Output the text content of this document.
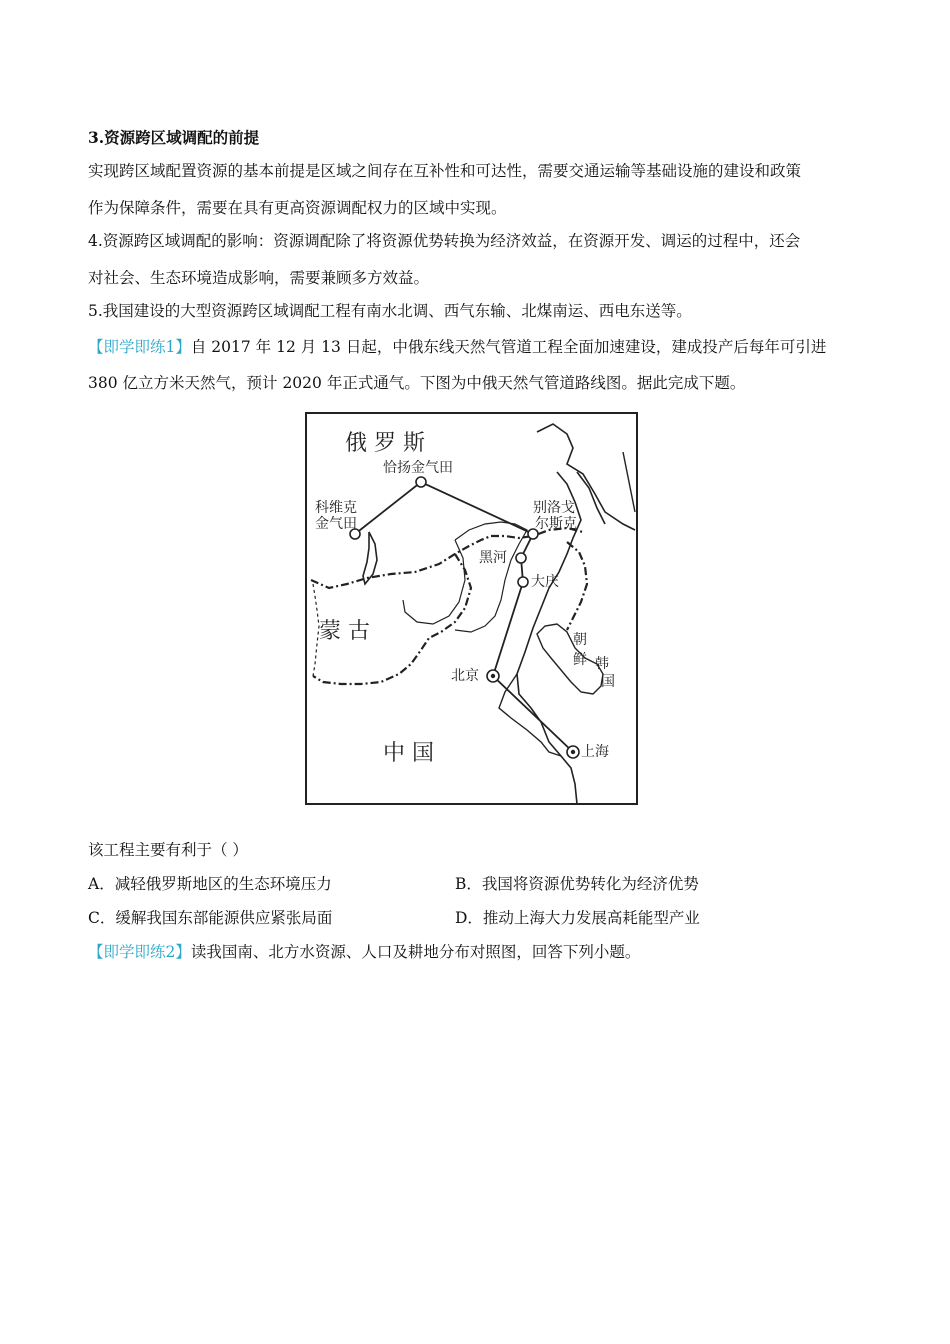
3.资源跨区域调配的前提
实现跨区域配置资源的基本前提是区域之间存在互补性和可达性，需要交通运输等基础设施的建设和政策
作为保障条件，需要在具有更高资源调配权力的区域中实现。
4.资源跨区域调配的影响：资源调配除了将资源优势转换为经济效益，在资源开发、调运的过程中，还会
对社会、生态环境造成影响，需要兼顾多方效益。
5.我国建设的大型资源跨区域调配工程有南水北调、西气东输、北煤南运、西电东送等。
【即学即练1】自 2017 年 12 月 13 日起，中俄东线天然气管道工程全面加速建设，建成投产后每年可引进
380 亿立方米天然气，预计 2020 年正式通气。下图为中俄天然气管道路线图。据此完成下题。
俄 罗 斯
恰扬金气田
科维克
金气田
别洛戈
尔斯克
黑河
大庆
蒙 古
北京
上海
中 国
朝
鲜 韩
国
该工程主要有利于（ ）
A．减轻俄罗斯地区的生态环境压力	B．我国将资源优势转化为经济优势
C．缓解我国东部能源供应紧张局面	D．推动上海大力发展高耗能型产业
【即学即练2】读我国南、北方水资源、人口及耕地分布对照图，回答下列小题。
